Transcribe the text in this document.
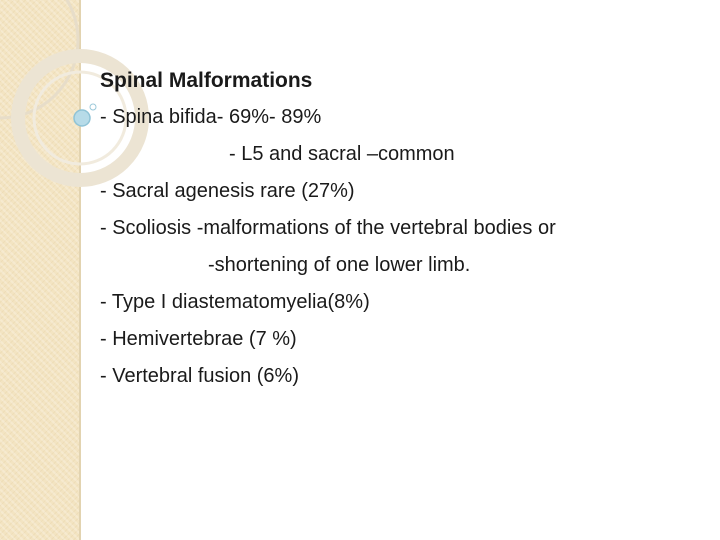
Spinal Malformations
- Spina bifida- 69%- 89%
- L5 and sacral –common
- Sacral agenesis rare (27%)
- Scoliosis -malformations of the vertebral bodies or
-shortening of one lower limb.
- Type I diastematomyelia(8%)
- Hemivertebrae (7 %)
- Vertebral fusion (6%)
